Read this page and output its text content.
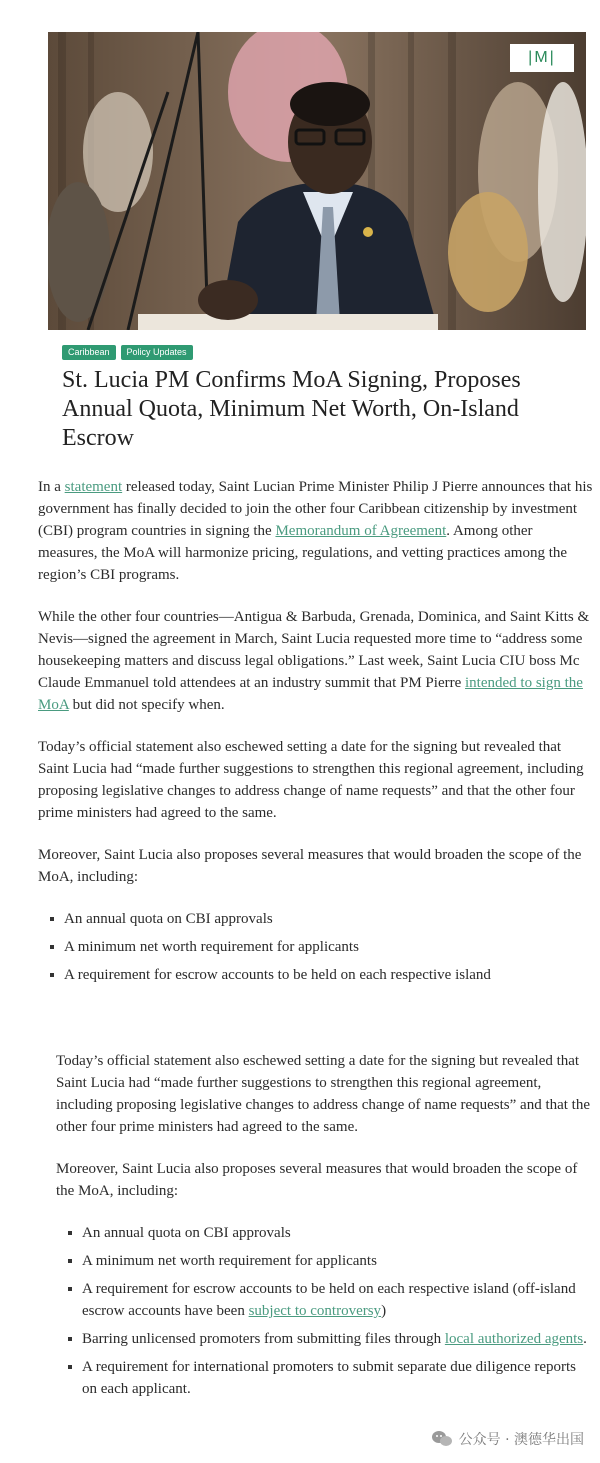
|M|
Caribbean	Policy Updates
St. Lucia PM Confirms MoA Signing, Proposes Annual Quota, Minimum Net Worth, On-Island Escrow

In a statement released today, Saint Lucian Prime Minister Philip J Pierre announces that his government has finally decided to join the other four Caribbean citizenship by investment (CBI) program countries in signing the Memorandum of Agreement. Among other measures, the MoA will harmonize pricing, regulations, and vetting practices among the region’s CBI programs.

While the other four countries—Antigua & Barbuda, Grenada, Dominica, and Saint Kitts & Nevis—signed the agreement in March, Saint Lucia requested more time to “address some housekeeping matters and discuss legal obligations.” Last week, Saint Lucia CIU boss Mc Claude Emmanuel told attendees at an industry summit that PM Pierre intended to sign the MoA but did not specify when.

Today’s official statement also eschewed setting a date for the signing but revealed that Saint Lucia had “made further suggestions to strengthen this regional agreement, including proposing legislative changes to address change of name requests” and that the other four prime ministers had agreed to the same.

Moreover, Saint Lucia also proposes several measures that would broaden the scope of the MoA, including:

An annual quota on CBI approvals
A minimum net worth requirement for applicants
A requirement for escrow accounts to be held on each respective island

Today’s official statement also eschewed setting a date for the signing but revealed that Saint Lucia had “made further suggestions to strengthen this regional agreement, including proposing legislative changes to address change of name requests” and that the other four prime ministers had agreed to the same.

Moreover, Saint Lucia also proposes several measures that would broaden the scope of the MoA, including:

An annual quota on CBI approvals
A minimum net worth requirement for applicants
A requirement for escrow accounts to be held on each respective island (off-island escrow accounts have been subject to controversy)
Barring unlicensed promoters from submitting files through local authorized agents.
A requirement for international promoters to submit separate due diligence reports on each applicant.
公众号 · 澳德华出国
